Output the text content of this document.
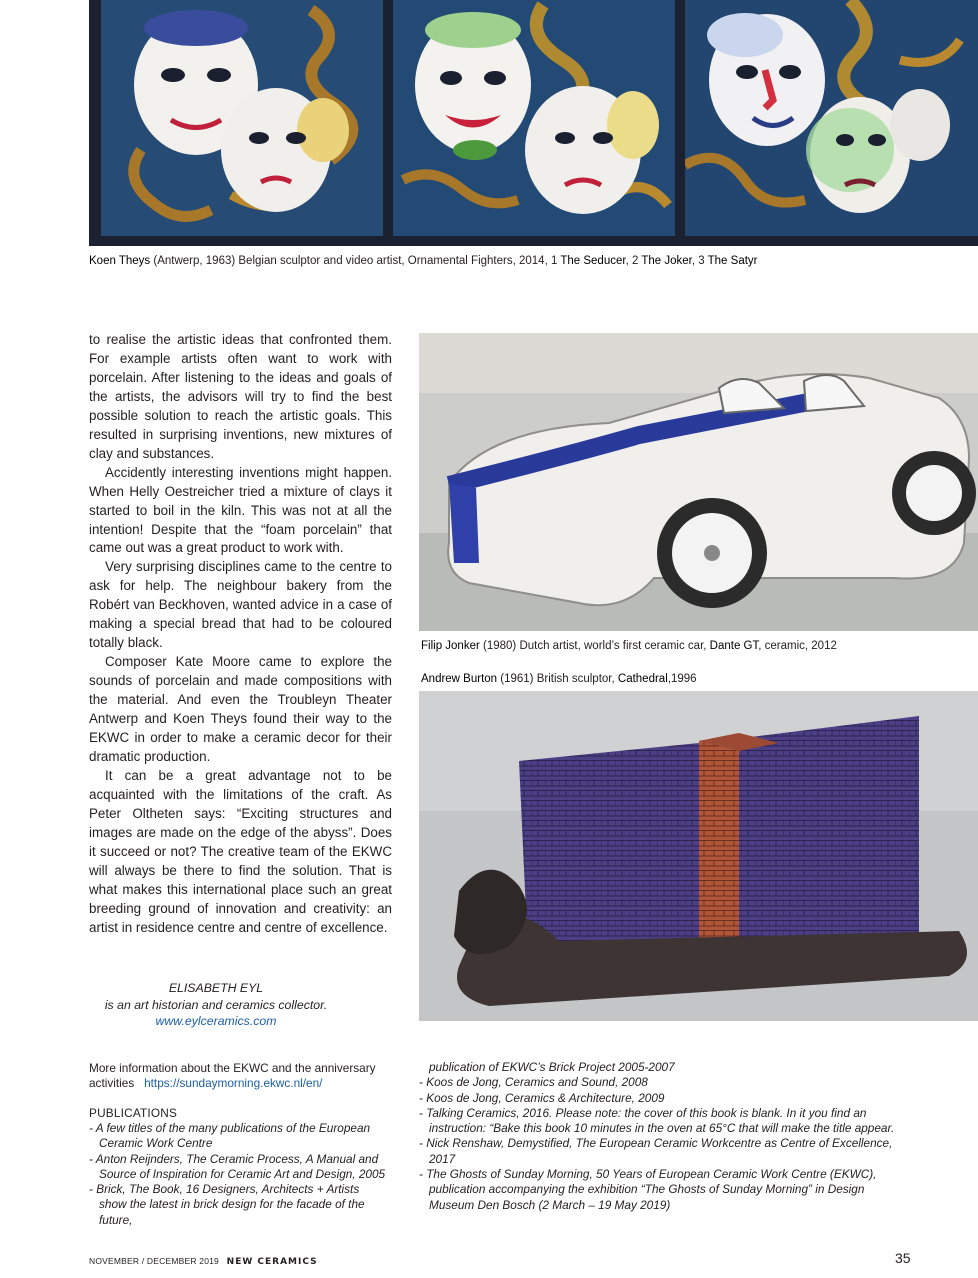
Koen Theys (Antwerp, 1963) Belgian sculptor and video artist, Ornamental Fighters, 2014, 1 The Seducer, 2 The Joker, 3 The Satyr

to realise the artistic ideas that confronted them. For example artists often want to work with porcelain. After listening to the ideas and goals of the artists, the advisors will try to find the best possible solution to reach the artistic goals. This resulted in surprising inventions, new mixtures of clay and substances.

Accidently interesting inventions might happen. When Helly Oestreicher tried a mixture of clays it started to boil in the kiln. This was not at all the intention! Despite that the “foam porcelain” that came out was a great product to work with.

Very surprising disciplines came to the centre to ask for help. The neighbour bakery from the Robért van Beckhoven, wanted advice in a case of making a special bread that had to be coloured totally black.

Composer Kate Moore came to explore the sounds of porcelain and made compositions with the material. And even the Troubleyn Theater Antwerp and Koen Theys found their way to the EKWC in order to make a ceramic decor for their dramatic production.

It can be a great advantage not to be acquainted with the limitations of the craft. As Peter Oltheten says: “Exciting structures and images are made on the edge of the abyss”. Does it succeed or not? The creative team of the EKWC will always be there to find the solution. That is what makes this international place such an great breeding ground of innovation and creativity: an artist in residence centre and centre of excellence.

ELISABETH EYL
is an art historian and ceramics collector.
www.eylceramics.com
Filip Jonker (1980) Dutch artist, world’s first ceramic car, Dante GT, ceramic, 2012
Andrew Burton (1961) British sculptor, Cathedral,1996
More information about the EKWC and the anniversary activities https://sundaymorning.ekwc.nl/en/
PUBLICATIONS
- A few titles of the many publications of the European Ceramic Work Centre
- Anton Reijnders, The Ceramic Process, A Manual and Source of Inspiration for Ceramic Art and Design, 2005
- Brick, The Book, 16 Designers, Architects + Artists show the latest in brick design for the facade of the future,
publication of EKWC’s Brick Project 2005-2007
- Koos de Jong, Ceramics and Sound, 2008
- Koos de Jong, Ceramics & Architecture, 2009
- Talking Ceramics, 2016. Please note: the cover of this book is blank. In it you find an instruction: “Bake this book 10 minutes in the oven at 65°C that will make the title appear.
- Nick Renshaw, Demystified, The European Ceramic Workcentre as Centre of Excellence, 2017
- The Ghosts of Sunday Morning, 50 Years of European Ceramic Work Centre (EKWC), publication accompanying the exhibition “The Ghosts of Sunday Morning” in Design Museum Den Bosch (2 March – 19 May 2019)
NOVEMBER / DECEMBER 2019 NEW CERAMICS	35
